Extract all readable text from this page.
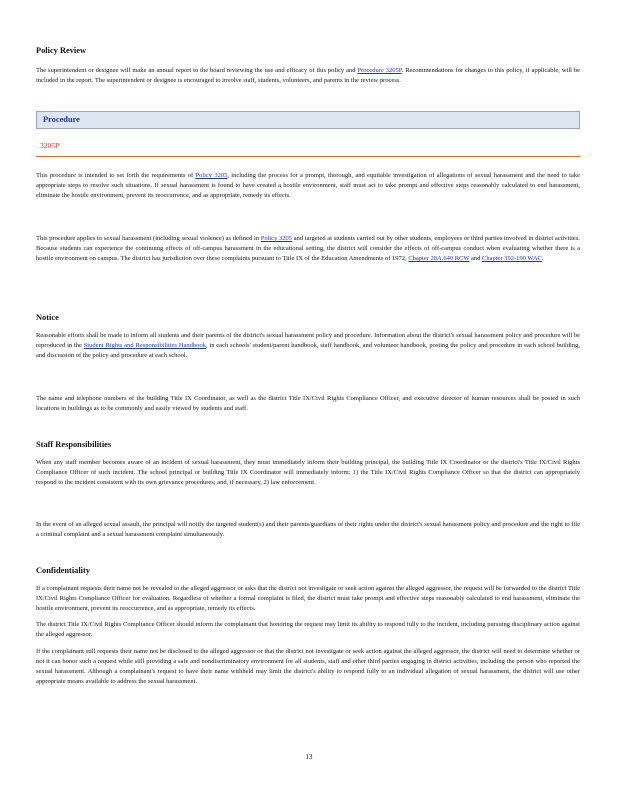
Policy Review

The superintendent or designee will make an annual report to the board reviewing the use and efficacy of this policy and Procedure 3205P. Recommendations for changes to this policy, if applicable, will be included in the report. The superintendent or designee is encouraged to involve staff, students, volunteers, and parents in the review process.

Procedure
3205P

This procedure is intended to set forth the requirements of Policy 3205, including the process for a prompt, thorough, and equitable investigation of allegations of sexual harassment and the need to take appropriate steps to resolve such situations. If sexual harassment is found to have created a hostile environment, staff must act to take prompt and effective steps reasonably calculated to end harassment, eliminate the hostile environment, prevent its reoccurrence, and as appropriate, remedy its effects.

This procedure applies to sexual harassment (including sexual violence) as defined in Policy 3205 and targeted at students carried out by other students, employees or third parties involved in district activities. Because students can experience the continuing effects of off-campus harassment in the educational setting, the district will consider the effects of off-campus conduct when evaluating whether there is a hostile environment on campus. The district has jurisdiction over these complaints pursuant to Title IX of the Education Amendments of 1972, Chapter 28A.640 RCW and Chapter 392-190 WAC.

Notice

Reasonable efforts shall be made to inform all students and their parents of the district's sexual harassment policy and procedure. Information about the district's sexual harassment policy and procedure will be reproduced in the Student Rights and Responsibilities Handbook, in each schools' student/parent handbook, staff handbook, and volunteer handbook, posting the policy and procedure in each school building, and discussion of the policy and procedure at each school.

The name and telephone numbers of the building Title IX Coordinator, as well as the district Title IX/Civil Rights Compliance Officer, and executive director of human resources shall be posted in such locations in buildings as to be commonly and easily viewed by students and staff.

Staff Responsibilities

When any staff member becomes aware of an incident of sexual harassment, they must immediately inform their building principal, the building Title IX Coordinator or the district's Title IX/Civil Rights Compliance Officer of such incident. The school principal or building Title IX Coordinator will immediately inform: 1) the Title IX/Civil Rights Compliance Officer so that the district can appropriately respond to the incident consistent with its own grievance procedures; and, if necessary, 2) law enforcement.

In the event of an alleged sexual assault, the principal will notify the targeted student(s) and their parents/guardians of their rights under the district's sexual harassment policy and procedure and the right to file a criminal complaint and a sexual harassment complaint simultaneously.

Confidentiality

If a complainant requests their name not be revealed to the alleged aggressor or asks that the district not investigate or seek action against the alleged aggressor, the request will be forwarded to the district Title IX/Civil Rights Compliance Officer for evaluation. Regardless of whether a formal complaint is filed, the district must take prompt and effective steps reasonably calculated to end harassment, eliminate the hostile environment, prevent its reoccurrence, and as appropriate, remedy its effects.

The district Title IX/Civil Rights Compliance Officer should inform the complainant that honoring the request may limit its ability to respond fully to the incident, including pursuing disciplinary action against the alleged aggressor.

If the complainant still requests their name not be disclosed to the alleged aggressor or that the district not investigate or seek action against the alleged aggressor, the district will need to determine whether or not it can honor such a request while still providing a safe and nondiscriminatory environment for all students, staff and other third parties engaging in district activities, including the person who reported the sexual harassment. Although a complainant's request to have their name withheld may limit the district's ability to respond fully to an individual allegation of sexual harassment, the district will use other appropriate means available to address the sexual harassment.

13
